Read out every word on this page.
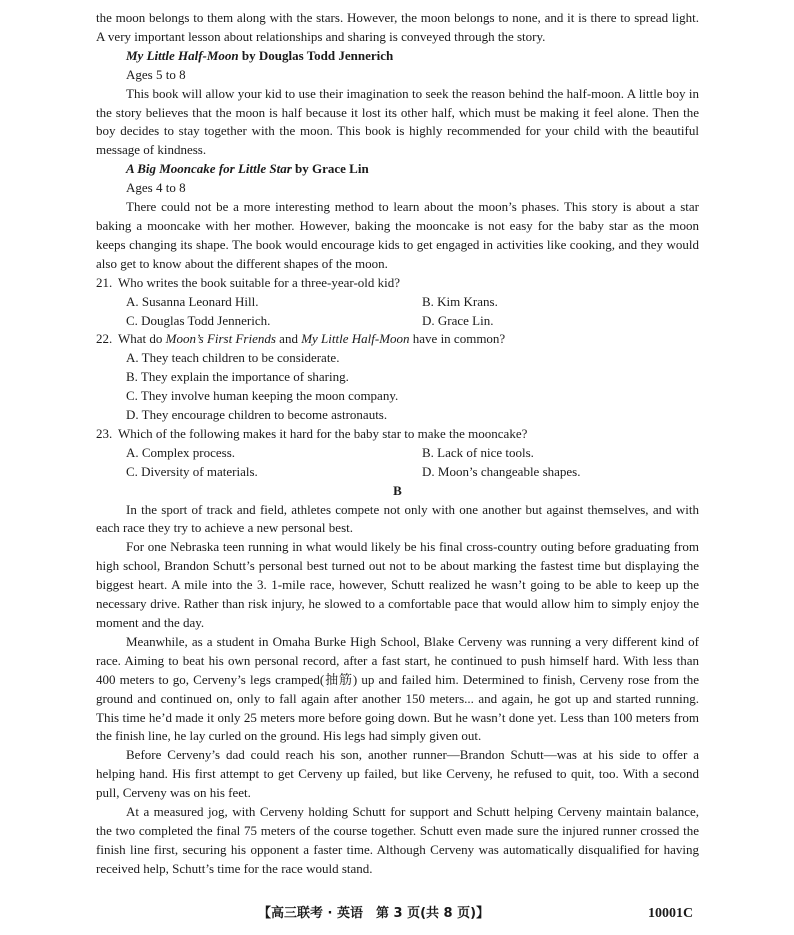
the moon belongs to them along with the stars. However, the moon belongs to none, and it is there to spread light. A very important lesson about relationships and sharing is conveyed through the story.

My Little Half-Moon by Douglas Todd Jennerich

Ages 5 to 8

This book will allow your kid to use their imagination to seek the reason behind the half-moon. A little boy in the story believes that the moon is half because it lost its other half, which must be making it feel alone. Then the boy decides to stay together with the moon. This book is highly recommended for your child with the beautiful message of kindness.

A Big Mooncake for Little Star by Grace Lin

Ages 4 to 8

There could not be a more interesting method to learn about the moon’s phases. This story is about a star baking a mooncake with her mother. However, baking the mooncake is not easy for the baby star as the moon keeps changing its shape. The book would encourage kids to get engaged in activities like cooking, and they would also get to know about the different shapes of the moon.

21. Who writes the book suitable for a three-year-old kid?

A. Susanna Leonard Hill.	B. Kim Krans.
C. Douglas Todd Jennerich.	D. Grace Lin.

22. What do Moon’s First Friends and My Little Half-Moon have in common?

A. They teach children to be considerate.

B. They explain the importance of sharing.

C. They involve human keeping the moon company.

D. They encourage children to become astronauts.

23. Which of the following makes it hard for the baby star to make the mooncake?

A. Complex process.	B. Lack of nice tools.
C. Diversity of materials.	D. Moon’s changeable shapes.

B

In the sport of track and field, athletes compete not only with one another but against themselves, and with each race they try to achieve a new personal best.

For one Nebraska teen running in what would likely be his final cross-country outing before graduating from high school, Brandon Schutt’s personal best turned out not to be about marking the fastest time but displaying the biggest heart. A mile into the 3. 1-mile race, however, Schutt realized he wasn’t going to be able to keep up the necessary drive. Rather than risk injury, he slowed to a comfortable pace that would allow him to simply enjoy the moment and the day.

Meanwhile, as a student in Omaha Burke High School, Blake Cerveny was running a very different kind of race. Aiming to beat his own personal record, after a fast start, he continued to push himself hard. With less than 400 meters to go, Cerveny’s legs cramped(抽筋) up and failed him. Determined to finish, Cerveny rose from the ground and continued on, only to fall again after another 150 meters... and again, he got up and started running. This time he’d made it only 25 meters more before going down. But he wasn’t done yet. Less than 100 meters from the finish line, he lay curled on the ground. His legs had simply given out.

Before Cerveny’s dad could reach his son, another runner—Brandon Schutt—was at his side to offer a helping hand. His first attempt to get Cerveny up failed, but like Cerveny, he refused to quit, too. With a second pull, Cerveny was on his feet.

At a measured jog, with Cerveny holding Schutt for support and Schutt helping Cerveny maintain balance, the two completed the final 75 meters of the course together. Schutt even made sure the injured runner crossed the finish line first, securing his opponent a faster time. Although Cerveny was automatically disqualified for having received help, Schutt’s time for the race would stand.

【高三联考 · 英语　第 3 页(共 8 页)】	10001C
